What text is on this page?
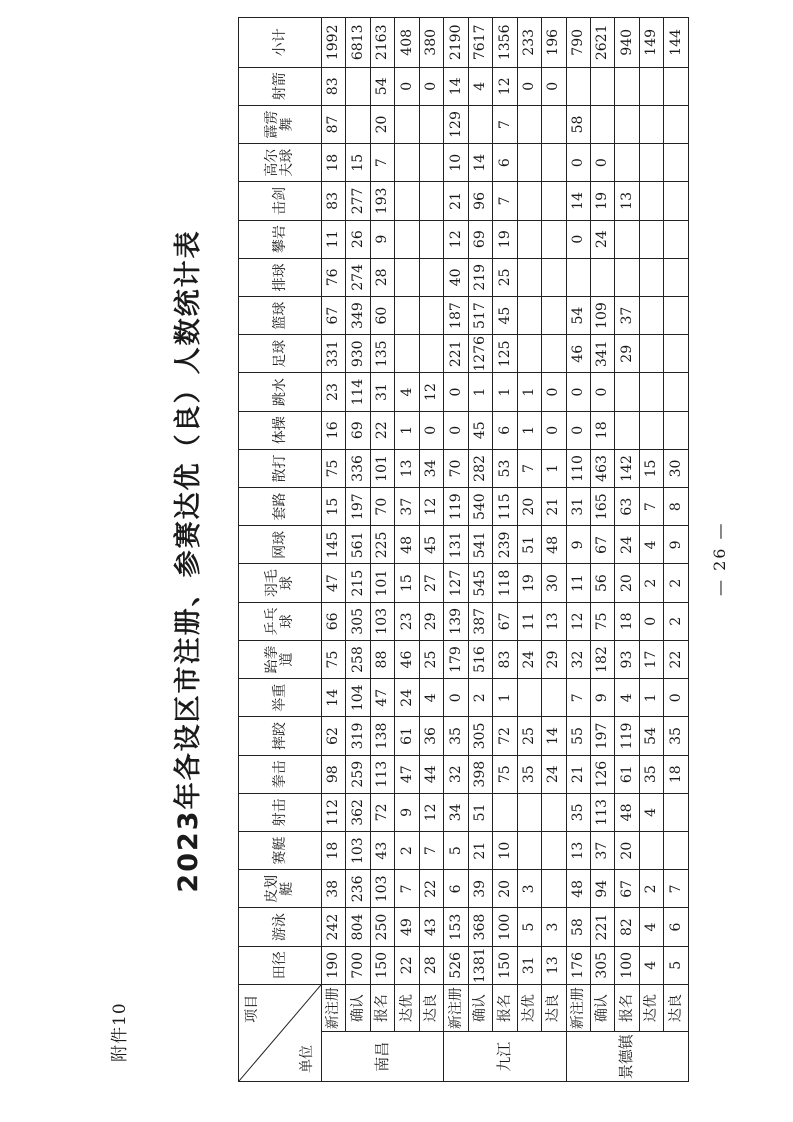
附件10
2023年各设区市注册、参赛达优（良）人数统计表
项目
单位		田径	游泳	皮划艇	赛艇	射击	拳击	摔跤	举重	跆拳道	乒乓球	羽毛球	网球	套路	散打	体操	跳水	足球	篮球	排球	攀岩	击剑	高尔夫球	霹雳舞	射箭	小计
南昌	新注册	190	242	38	18	112	98	62	14	75	66	47	145	15	75	16	23	331	67	76	11	83	18	87	83	1992
	确认	700	804	236	103	362	259	319	104	258	305	215	561	197	336	69	114	930	349	274	26	277	15			6813
	报名	150	250	103	43	72	113	138	47	88	103	101	225	70	101	22	31	135	60	28	9	193	7	20	54	2163
	达优	22	49	7	2	9	47	61	24	46	23	15	48	37	13	1	4								0	408
	达良	28	43	22	7	12	44	36	4	25	29	27	45	12	34	0	12								0	380
九江	新注册	526	153	6	5	34	32	35	0	179	139	127	131	119	70	0	0	221	187	40	12	21	10	129	14	2190
	确认	1381	368	39	21	51	398	305	2	516	387	545	541	540	282	45	1	1276	517	219	69	96	14		4	7617
	报名	150	100	20	10		75	72	1	83	67	118	239	115	53	6	1	125	45	25	19	7	6	7	12	1356
	达优	31	5	3			35	25		24	11	19	51	20	7	1	1								0	233
	达良	13	3				24	14		29	13	30	48	21	1	0	0								0	196
景德镇	新注册	176	58	48	13	35	21	55	7	32	12	11	9	31	110	0	0	46	54		0	14	0	58		790
	确认	305	221	94	37	113	126	197	9	182	75	56	67	165	463	18	0	341	109		24	19	0			2621
	报名	100	82	67	20	48	61	119	4	93	18	20	24	63	142			29	37			13				940
	达优	4	4	2		4	35	54	1	17	0	2	4	7	15											149
	达良	5	6	7			18	35	0	22	2	2	9	8	30											144
— 26 —
